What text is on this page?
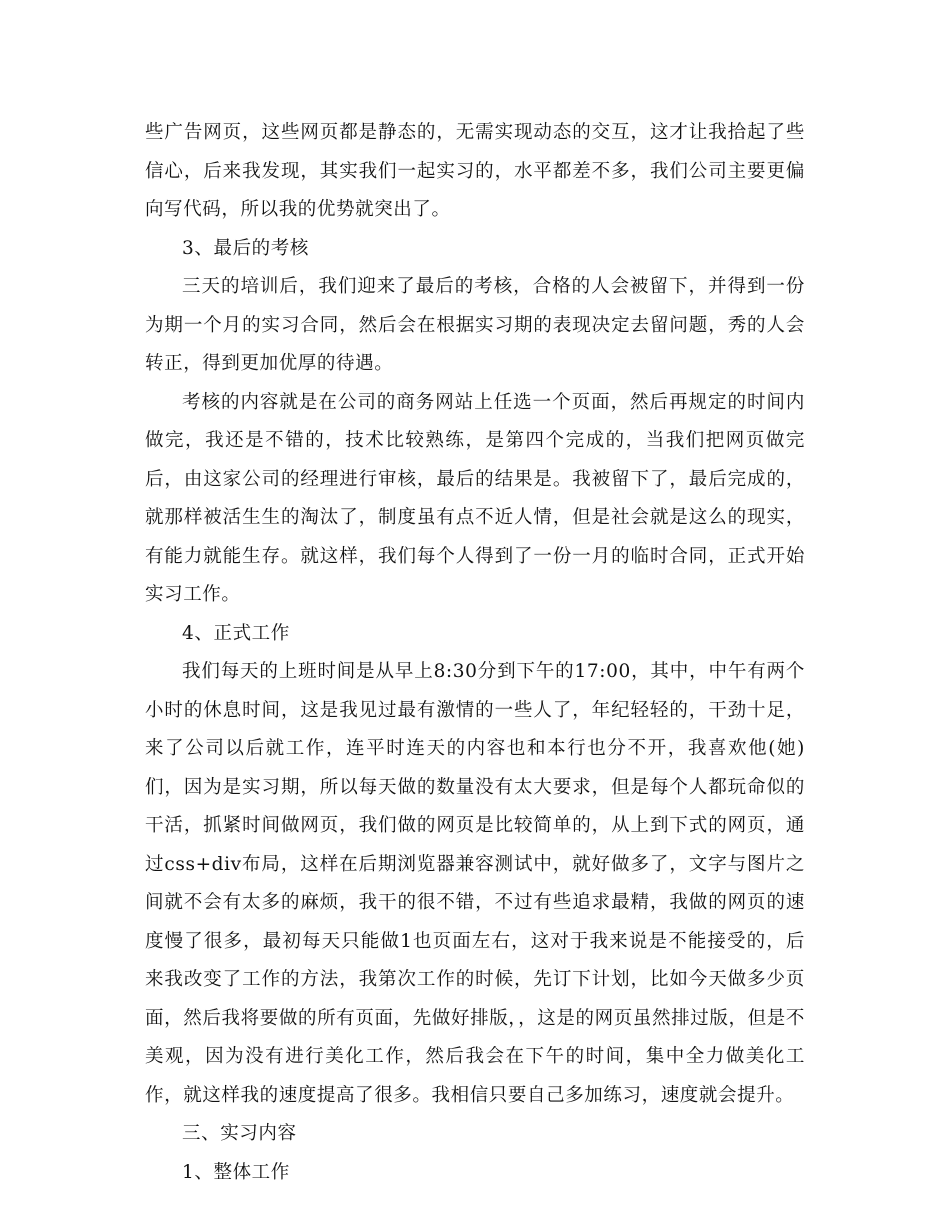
些广告网页，这些网页都是静态的，无需实现动态的交互，这才让我拾起了些信心，后来我发现，其实我们一起实习的，水平都差不多，我们公司主要更偏向写代码，所以我的优势就突出了。

3、最后的考核

三天的培训后，我们迎来了最后的考核，合格的人会被留下，并得到一份为期一个月的实习合同，然后会在根据实习期的表现决定去留问题，秀的人会转正，得到更加优厚的待遇。

考核的内容就是在公司的商务网站上任选一个页面，然后再规定的时间内做完，我还是不错的，技术比较熟练，是第四个完成的，当我们把网页做完后，由这家公司的经理进行审核，最后的结果是。我被留下了，最后完成的，就那样被活生生的淘汰了，制度虽有点不近人情，但是社会就是这么的现实，有能力就能生存。就这样，我们每个人得到了一份一月的临时合同，正式开始实习工作。

4、正式工作

我们每天的上班时间是从早上8:30分到下午的17:00，其中，中午有两个小时的休息时间，这是我见过最有激情的一些人了，年纪轻轻的，干劲十足，来了公司以后就工作，连平时连天的内容也和本行也分不开，我喜欢他(她)们，因为是实习期，所以每天做的数量没有太大要求，但是每个人都玩命似的干活，抓紧时间做网页，我们做的网页是比较简单的，从上到下式的网页，通过css+div布局，这样在后期浏览器兼容测试中，就好做多了，文字与图片之间就不会有太多的麻烦，我干的很不错，不过有些追求最精，我做的网页的速度慢了很多，最初每天只能做1也页面左右，这对于我来说是不能接受的，后来我改变了工作的方法，我第次工作的时候，先订下计划，比如今天做多少页面，然后我将要做的所有页面，先做好排版，，这是的网页虽然排过版，但是不美观，因为没有进行美化工作，然后我会在下午的时间，集中全力做美化工作，就这样我的速度提高了很多。我相信只要自己多加练习，速度就会提升。

三、实习内容

1、整体工作
